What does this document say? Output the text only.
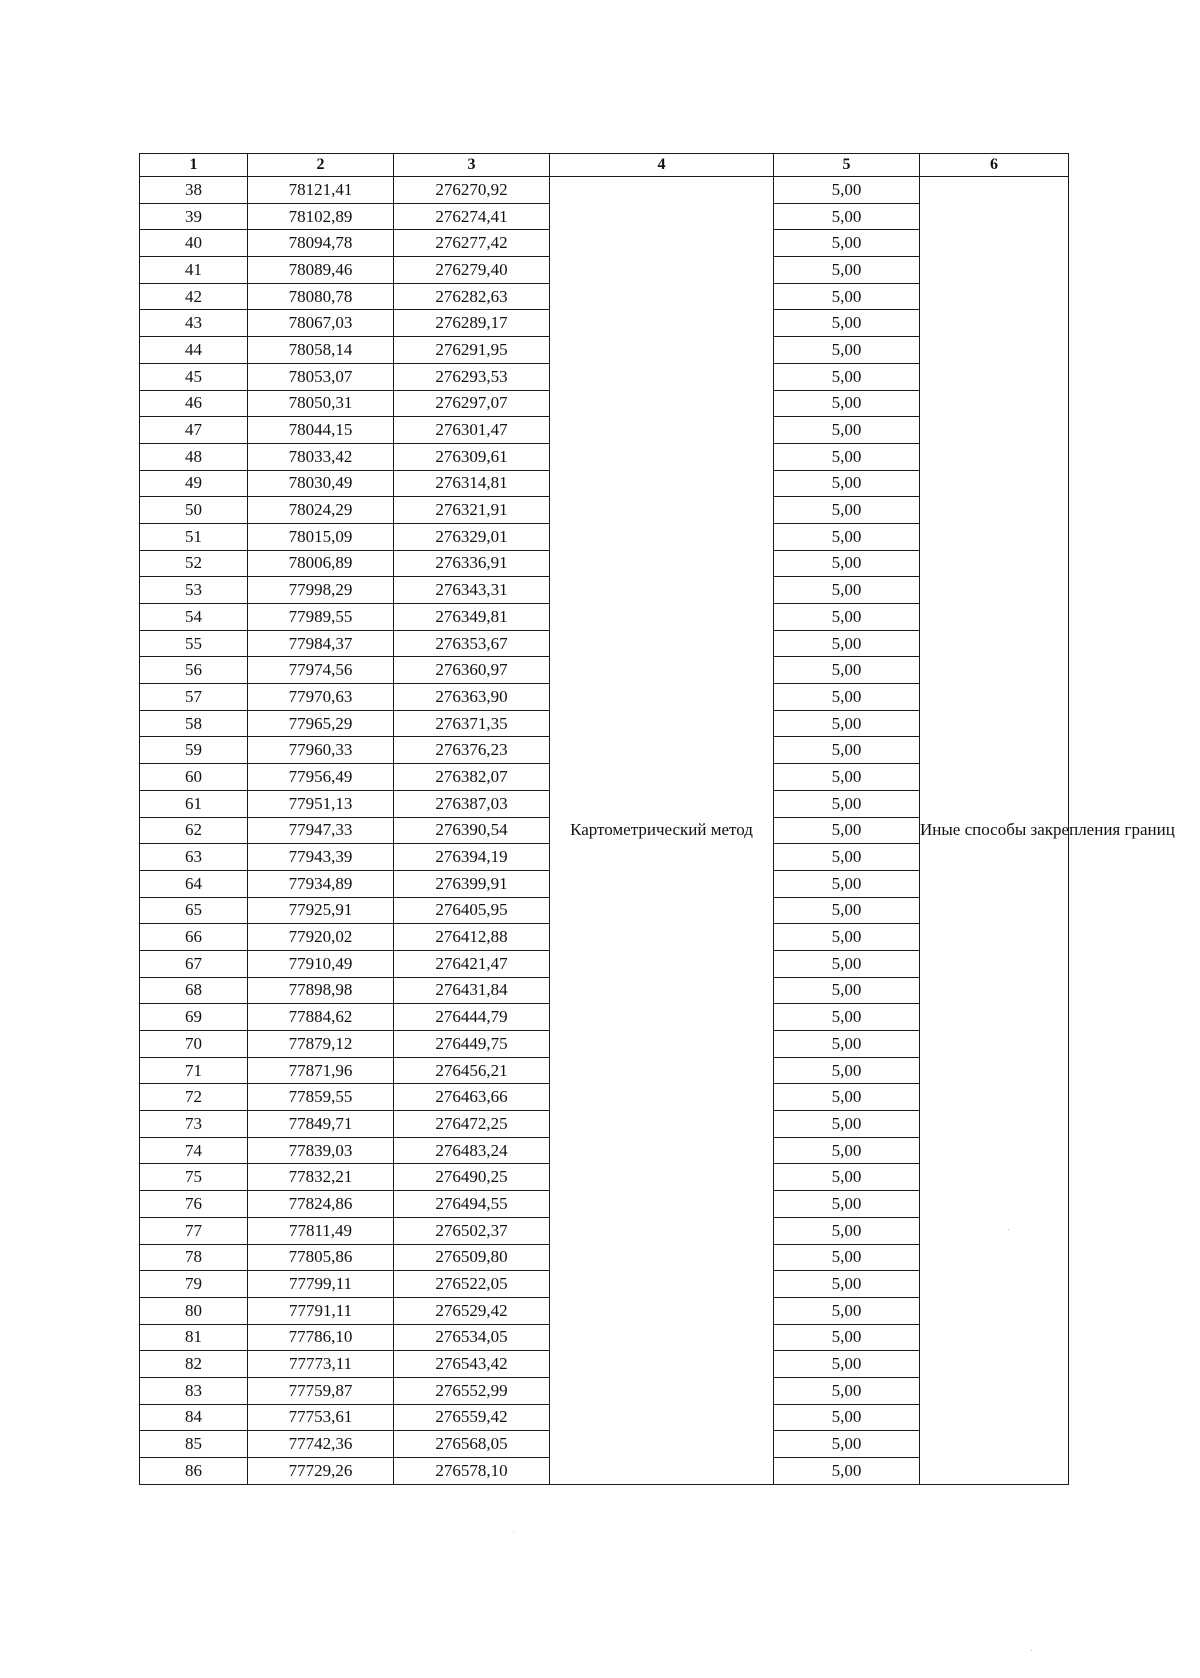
1	2	3	4	5	6
38	78121,41	276270,92	Картометрический метод	5,00	Иные способы закрепления границ
39	78102,89	276274,41		5,00	
40	78094,78	276277,42		5,00	
41	78089,46	276279,40		5,00	
42	78080,78	276282,63		5,00	
43	78067,03	276289,17		5,00	
44	78058,14	276291,95		5,00	
45	78053,07	276293,53		5,00	
46	78050,31	276297,07		5,00	
47	78044,15	276301,47		5,00	
48	78033,42	276309,61		5,00	
49	78030,49	276314,81		5,00	
50	78024,29	276321,91		5,00	
51	78015,09	276329,01		5,00	
52	78006,89	276336,91		5,00	
53	77998,29	276343,31		5,00	
54	77989,55	276349,81		5,00	
55	77984,37	276353,67		5,00	
56	77974,56	276360,97		5,00	
57	77970,63	276363,90		5,00	
58	77965,29	276371,35		5,00	
59	77960,33	276376,23		5,00	
60	77956,49	276382,07		5,00	
61	77951,13	276387,03		5,00	
62	77947,33	276390,54		5,00	
63	77943,39	276394,19		5,00	
64	77934,89	276399,91		5,00	
65	77925,91	276405,95		5,00	
66	77920,02	276412,88		5,00	
67	77910,49	276421,47		5,00	
68	77898,98	276431,84		5,00	
69	77884,62	276444,79		5,00	
70	77879,12	276449,75		5,00	
71	77871,96	276456,21		5,00	
72	77859,55	276463,66		5,00	
73	77849,71	276472,25		5,00	
74	77839,03	276483,24		5,00	
75	77832,21	276490,25		5,00	
76	77824,86	276494,55		5,00	
77	77811,49	276502,37		5,00	
78	77805,86	276509,80		5,00	
79	77799,11	276522,05		5,00	
80	77791,11	276529,42		5,00	
81	77786,10	276534,05		5,00	
82	77773,11	276543,42		5,00	
83	77759,87	276552,99		5,00	
84	77753,61	276559,42		5,00	
85	77742,36	276568,05		5,00	
86	77729,26	276578,10		5,00	
